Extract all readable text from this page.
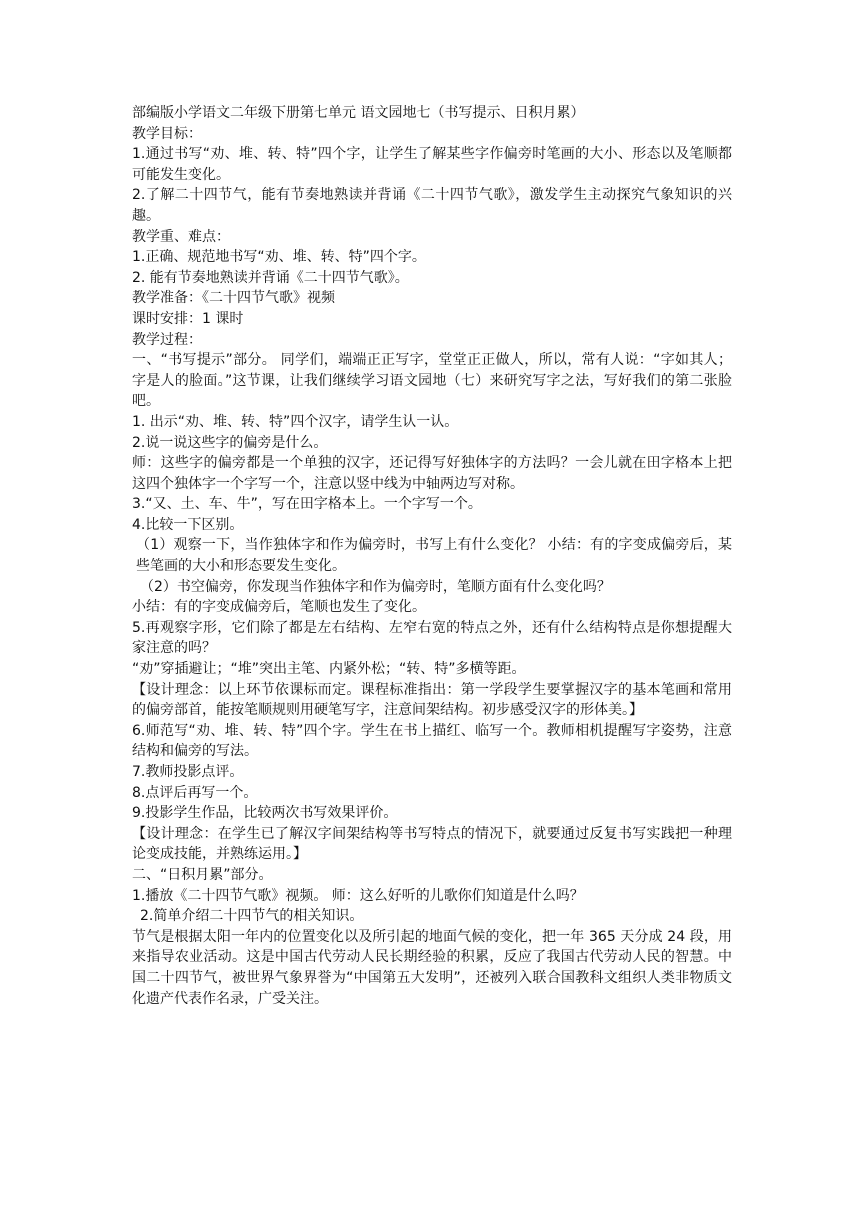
部编版小学语文二年级下册第七单元 语文园地七（书写提示、日积月累）

教学目标：

1.通过书写“劝、堆、转、特”四个字，让学生了解某些字作偏旁时笔画的大小、形态以及笔顺都可能发生变化。

2.了解二十四节气，能有节奏地熟读并背诵《二十四节气歌》，激发学生主动探究气象知识的兴趣。

教学重、难点：

1.正确、规范地书写“劝、堆、转、特”四个字。

2. 能有节奏地熟读并背诵《二十四节气歌》。

教学准备：《二十四节气歌》视频

课时安排：1 课时

教学过程：

一、“书写提示”部分。 同学们，端端正正写字，堂堂正正做人，所以，常有人说：“字如其人；字是人的脸面。”这节课，让我们继续学习语文园地（七）来研究写字之法，写好我们的第二张脸吧。

1. 出示“劝、堆、转、特”四个汉字，请学生认一认。

2.说一说这些字的偏旁是什么。

师：这些字的偏旁都是一个单独的汉字，还记得写好独体字的方法吗？一会儿就在田字格本上把这四个独体字一个字写一个，注意以竖中线为中轴两边写对称。

3.“又、土、车、牛”，写在田字格本上。一个字写一个。

4.比较一下区别。

（1）观察一下，当作独体字和作为偏旁时，书写上有什么变化？ 小结：有的字变成偏旁后，某些笔画的大小和形态要发生变化。

（2）书空偏旁，你发现当作独体字和作为偏旁时，笔顺方面有什么变化吗？

小结：有的字变成偏旁后，笔顺也发生了变化。

5.再观察字形，它们除了都是左右结构、左窄右宽的特点之外，还有什么结构特点是你想提醒大家注意的吗？

“劝”穿插避让；“堆”突出主笔、内紧外松；“转、特”多横等距。

【设计理念：以上环节依课标而定。课程标准指出：第一学段学生要掌握汉字的基本笔画和常用的偏旁部首，能按笔顺规则用硬笔写字，注意间架结构。初步感受汉字的形体美。】

6.师范写“劝、堆、转、特”四个字。学生在书上描红、临写一个。教师相机提醒写字姿势，注意结构和偏旁的写法。

7.教师投影点评。

8.点评后再写一个。

9.投影学生作品，比较两次书写效果评价。

【设计理念：在学生已了解汉字间架结构等书写特点的情况下，就要通过反复书写实践把一种理论变成技能，并熟练运用。】

二、“日积月累”部分。

1.播放《二十四节气歌》视频。 师：这么好听的儿歌你们知道是什么吗？

2.简单介绍二十四节气的相关知识。

节气是根据太阳一年内的位置变化以及所引起的地面气候的变化，把一年 365 天分成 24 段，用来指导农业活动。这是中国古代劳动人民长期经验的积累，反应了我国古代劳动人民的智慧。中国二十四节气，被世界气象界誉为“中国第五大发明”，还被列入联合国教科文组织人类非物质文化遗产代表作名录，广受关注。
